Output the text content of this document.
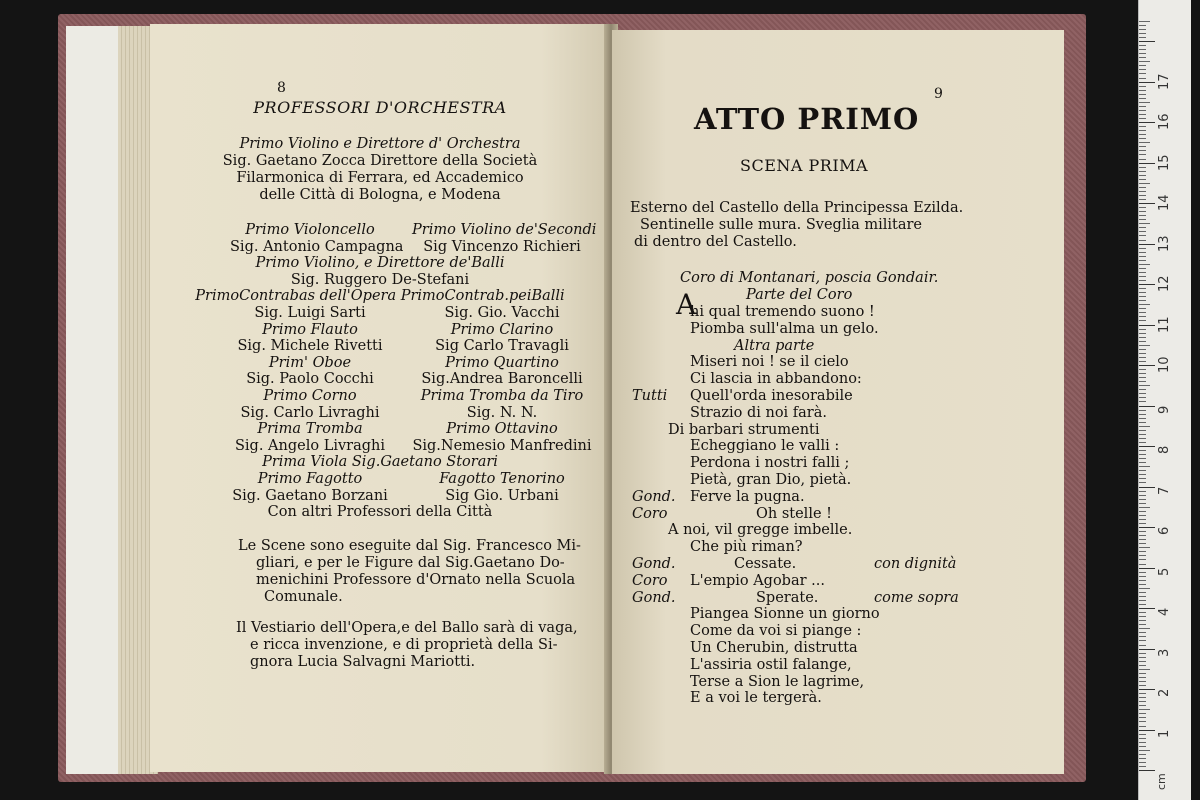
8
PROFESSORI D'ORCHESTRA
Primo Violino e Direttore d' Orchestra
Sig. Gaetano Zocca Direttore della Società
Filarmonica di Ferrara, ed Accademico
delle Città di Bologna, e Modena
Primo Violoncello	Primo Violino de'Secondi
Sig. Antonio Campagna	Sig Vincenzo Richieri
Primo Violino, e Direttore de'Balli
Sig. Ruggero De-Stefani
PrimoContrabas dell'Opera PrimoContrab.peiBalli
Sig. Luigi Sarti	Sig. Gio. Vacchi
Primo Flauto	Primo Clarino
Sig. Michele Rivetti	Sig Carlo Travagli
Prim' Oboe	Primo Quartino
Sig. Paolo Cocchi	Sig.Andrea Baroncelli
Primo Corno	Prima Tromba da Tiro
Sig. Carlo Livraghi	Sig. N. N.
Prima Tromba	Primo Ottavino
Sig. Angelo Livraghi	Sig.Nemesio Manfredini
Prima Viola Sig.Gaetano Storari
Primo Fagotto	Fagotto Tenorino
Sig. Gaetano Borzani	Sig Gio. Urbani
Con altri Professori della Città
Le Scene sono eseguite dal Sig. Francesco Mi-
gliari, e per le Figure dal Sig.Gaetano Do-
menichini Professore d'Ornato nella Scuola
Comunale.
Il Vestiario dell'Opera,e del Ballo sarà di vaga,
e ricca invenzione, e di proprietà della Si-
gnora Lucia Salvagni Mariotti.
ATTO PRIMO
9
SCENA PRIMA
Esterno del Castello della Principessa Ezilda.
Sentinelle sulle mura. Sveglia militare
di dentro del Castello.
Coro di Montanari, poscia Gondair.
Parte del Coro
A
hi qual tremendo suono !
Piomba sull'alma un gelo.
Altra parte
Miseri noi ! se il cielo
Ci lascia in abbandono:
Tutti Quell'orda inesorabile
Strazio di noi farà.
Di barbari strumenti
Echeggiano le valli :
Perdona i nostri falli ;
Pietà, gran Dio, pietà.
Gond. Ferve la pugna.
Coro	Oh stelle !
A noi, vil gregge imbelle.
Che più riman?
Gond.	Cessate.	con dignità
Coro L'empio Agobar ...
Gond.	Sperate.	come sopra
Piangea Sionne un giorno
Come da voi si piange :
Un Cherubin, distrutta
L'assiria ostil falange,
Terse a Sion le lagrime,
E a voi le tergerà.
1
2
3
4
5
6
7
8
9
10
11
12
13
14
15
16
17
cm
